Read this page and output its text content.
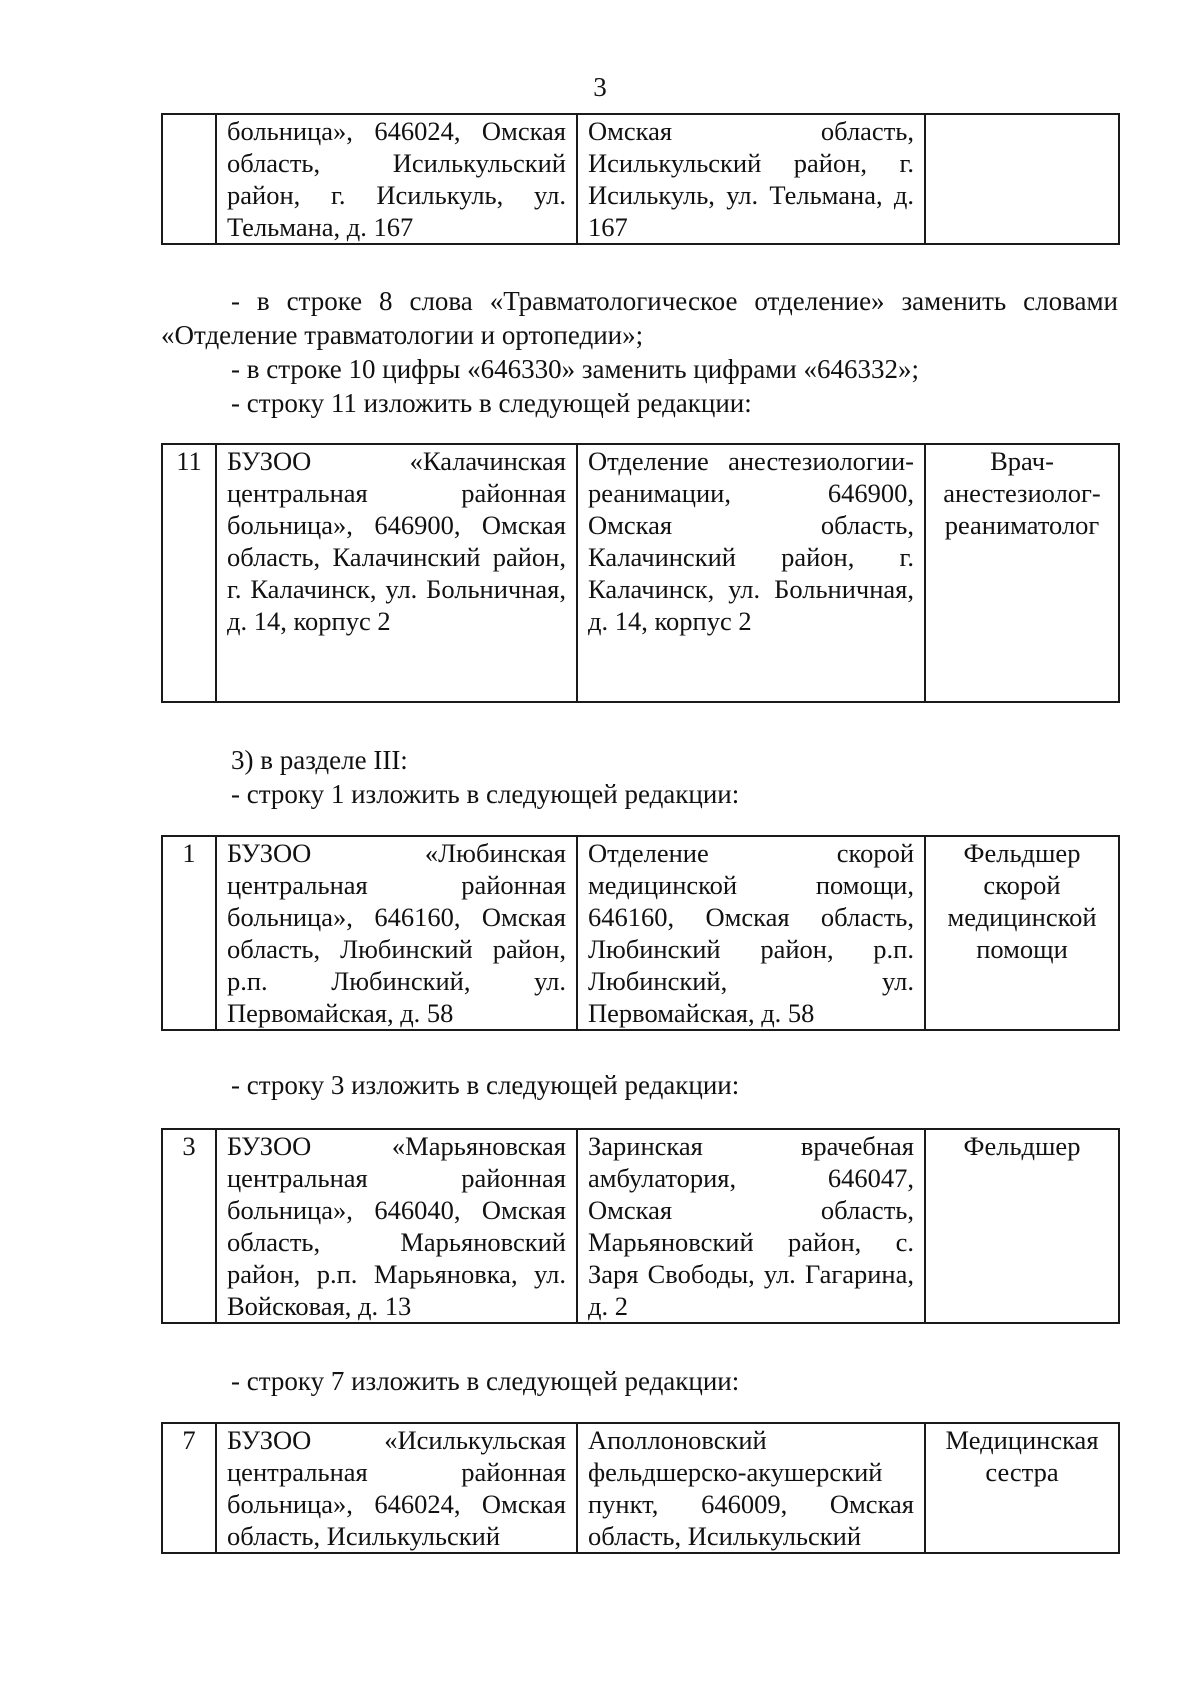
3
	больница», 646024, Омская область, Исилькульский район, г. Исилькуль, ул. Тельмана, д. 167	Омская область, Исилькульский район, г. Исилькуль, ул. Тельмана, д. 167	
- в строке 8 слова «Травматологическое отделение» заменить словами «Отделение травматологии и ортопедии»;
- в строке 10 цифры «646330» заменить цифрами «646332»;
- строку 11 изложить в следующей редакции:
11	БУЗОО «Калачинская центральная районная больница», 646900, Омская область, Калачинский район, г. Калачинск, ул. Больничная, д. 14, корпус 2	Отделение анестезиологии-реанимации, 646900, Омская область, Калачинский район, г. Калачинск, ул. Больничная, д. 14, корпус 2	Врач-анестезиолог-реаниматолог
3) в разделе III:
- строку 1 изложить в следующей редакции:
1	БУЗОО «Любинская центральная районная больница», 646160, Омская область, Любинский район, р.п. Любинский, ул. Первомайская, д. 58	Отделение скорой медицинской помощи, 646160, Омская область, Любинский район, р.п. Любинский, ул. Первомайская, д. 58	Фельдшер скорой медицинской помощи
- строку 3 изложить в следующей редакции:
3	БУЗОО «Марьяновская центральная районная больница», 646040, Омская область, Марьяновский район, р.п. Марьяновка, ул. Войсковая, д. 13	Заринская врачебная амбулатория, 646047, Омская область, Марьяновский район, с. Заря Свободы, ул. Гагарина, д. 2	Фельдшер
- строку 7 изложить в следующей редакции:
7	БУЗОО «Исилькульская центральная районная больница», 646024, Омская область, Исилькульский	Аполлоновский фельдшерско-акушерский пункт, 646009, Омская область, Исилькульский	Медицинская сестра
